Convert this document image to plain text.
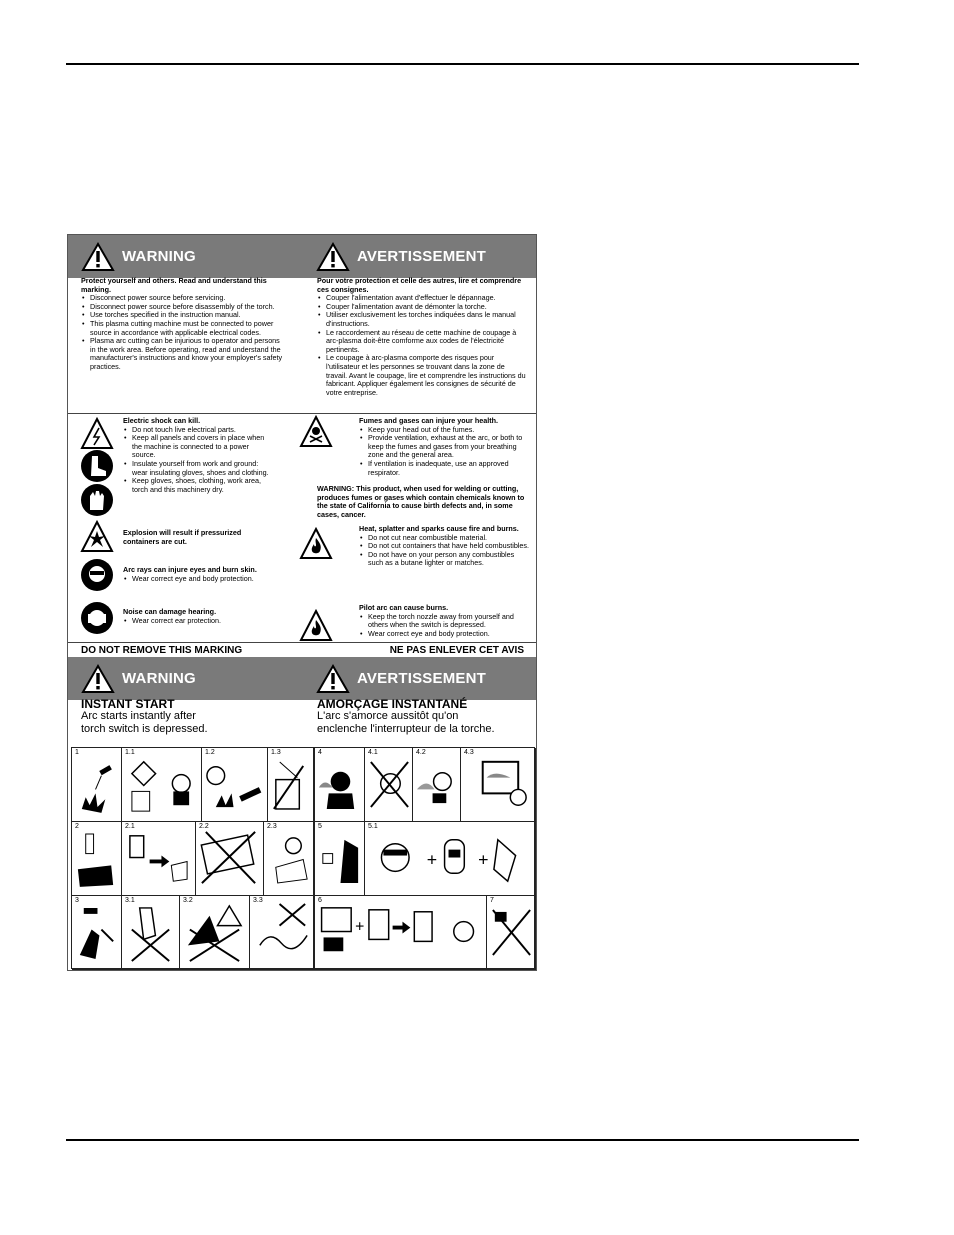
WARNING	AVERTISSEMENT

Protect yourself and others. Read and understand this marking.

• Disconnect power source before servicing.
• Disconnect power source before disassembly of the torch.
• Use torches specified in the instruction manual.
• This plasma cutting machine must be connected to power source in accordance with applicable electrical codes.
• Plasma arc cutting can be injurious to operator and persons in the work area. Before operating, read and understand the manufacturer's instructions and know your employer's safety practices.

Pour votre protection et celle des autres, lire et comprendre ces consignes.

• Couper l'alimentation avant d'effectuer le dépannage.
• Couper l'alimentation avant de démonter la torche.
• Utiliser exclusivement les torches indiquées dans le manual d'instructions.
• Le raccordement au réseau de cette machine de coupage à arc-plasma doit-être comforme aux codes de l'électricité pertinents.
• Le coupage à arc-plasma comporte des risques pour l'utilisateur et les personnes se trouvant dans la zone de travail. Avant le coupage, lire et comprendre les instructions du fabricant. Appliquer également les consignes de sécurité de votre entreprise.

Electric shock can kill.

• Do not touch live electrical parts.
• Keep all panels and covers in place when the machine is connected to a power source.
• Insulate yourself from work and ground: wear insulating gloves, shoes and clothing.
• Keep gloves, shoes, clothing, work area, torch and this machinery dry.

Explosion will result if pressurized containers are cut.

Arc rays can injure eyes and burn skin.

• Wear correct eye and body protection.

Noise can damage hearing.

• Wear correct ear protection.

Fumes and gases can injure your health.

• Keep your head out of the fumes.
• Provide ventilation, exhaust at the arc, or both to keep the fumes and gases from your breathing zone and the general area.
• If ventilation is inadequate, use an approved respirator.

WARNING: This product, when used for welding or cutting, produces fumes or gases which contain chemicals known to the state of California to cause birth defects and, in some cases, cancer.

Heat, splatter and sparks cause fire and burns.

• Do not cut near combustible material.
• Do not cut containers that have held combustibles.
• Do not have on your person any combustibles such as a butane lighter or matches.

Pilot arc can cause burns.

• Keep the torch nozzle away from yourself and others when the switch is depressed.
• Wear correct eye and body protection.
DO NOT REMOVE THIS MARKING	NE PAS ENLEVER CET AVIS
WARNING	AVERTISSEMENT
INSTANT START
Arc starts instantly after
torch switch is depressed.
AMORÇAGE INSTANTANÉ
L'arc s'amorce aussitôt qu'on
enclenche l'interrupteur de la torche.
1	1.1	1.2	1.3
2	2.1	2.2	2.3
3	3.1	3.2	3.3
4	4.1	4.2	4.3
5	5.1
+ +
6
+
7
